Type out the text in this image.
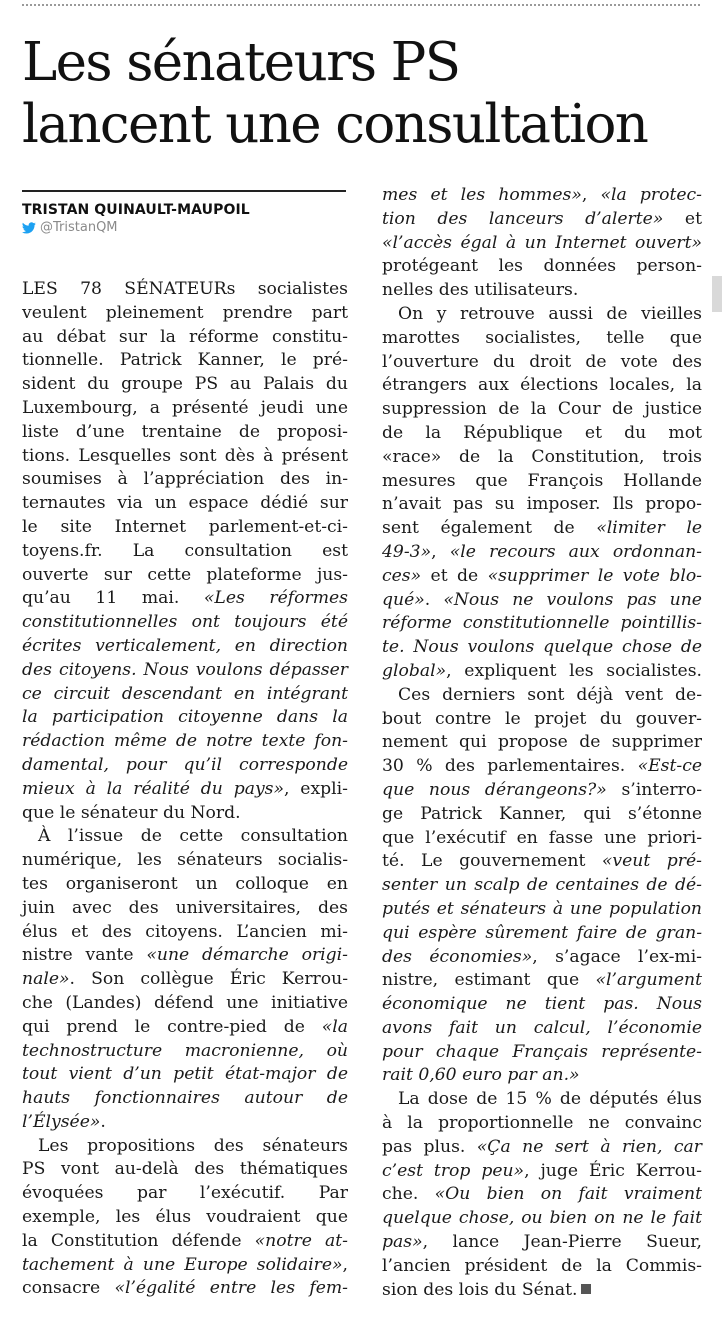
Les sénateurs PS
lancent une consultation
TRISTAN QUINAULT-MAUPOIL
@TristanQM
LES 78 SÉNATEURs socialistes
veulent pleinement prendre part
au débat sur la réforme constitu-
tionnelle. Patrick Kanner, le pré-
sident du groupe PS au Palais du
Luxembourg, a présenté jeudi une
liste d’une trentaine de proposi-
tions. Lesquelles sont dès à présent
soumises à l’appréciation des in-
ternautes via un espace dédié sur
le site Internet parlement-et-ci-
toyens.fr. La consultation est
ouverte sur cette plateforme jus-
qu’au 11 mai. «Les réformes
constitutionnelles ont toujours été
écrites verticalement, en direction
des citoyens. Nous voulons dépasser
ce circuit descendant en intégrant
la participation citoyenne dans la
rédaction même de notre texte fon-
damental, pour qu’il corresponde
mieux à la réalité du pays», expli-
que le sénateur du Nord.
À l’issue de cette consultation
numérique, les sénateurs socialis-
tes organiseront un colloque en
juin avec des universitaires, des
élus et des citoyens. L’ancien mi-
nistre vante «une démarche origi-
nale». Son collègue Éric Kerrou-
che (Landes) défend une initiative
qui prend le contre-pied de «la
technostructure macronienne, où
tout vient d’un petit état-major de
hauts fonctionnaires autour de
l’Élysée».
Les propositions des sénateurs
PS vont au-delà des thématiques
évoquées par l’exécutif. Par
exemple, les élus voudraient que
la Constitution défende «notre at-
tachement à une Europe solidaire»,
consacre «l’égalité entre les fem-
mes et les hommes», «la protec-
tion des lanceurs d’alerte» et
«l’accès égal à un Internet ouvert»
protégeant les données person-
nelles des utilisateurs.
On y retrouve aussi de vieilles
marottes socialistes, telle que
l’ouverture du droit de vote des
étrangers aux élections locales, la
suppression de la Cour de justice
de la République et du mot
«race» de la Constitution, trois
mesures que François Hollande
n’avait pas su imposer. Ils propo-
sent également de «limiter le
49-3», «le recours aux ordonnan-
ces» et de «supprimer le vote blo-
qué». «Nous ne voulons pas une
réforme constitutionnelle pointillis-
te. Nous voulons quelque chose de
global», expliquent les socialistes.
Ces derniers sont déjà vent de-
bout contre le projet du gouver-
nement qui propose de supprimer
30 % des parlementaires. «Est-ce
que nous dérangeons?» s’interro-
ge Patrick Kanner, qui s’étonne
que l’exécutif en fasse une priori-
té. Le gouvernement «veut pré-
senter un scalp de centaines de dé-
putés et sénateurs à une population
qui espère sûrement faire de gran-
des économies», s’agace l’ex-mi-
nistre, estimant que «l’argument
économique ne tient pas. Nous
avons fait un calcul, l’économie
pour chaque Français représente-
rait 0,60 euro par an.»
La dose de 15 % de députés élus
à la proportionnelle ne convainc
pas plus. «Ça ne sert à rien, car
c’est trop peu», juge Éric Kerrou-
che. «Ou bien on fait vraiment
quelque chose, ou bien on ne le fait
pas», lance Jean-Pierre Sueur,
l’ancien président de la Commis-
sion des lois du Sénat.
